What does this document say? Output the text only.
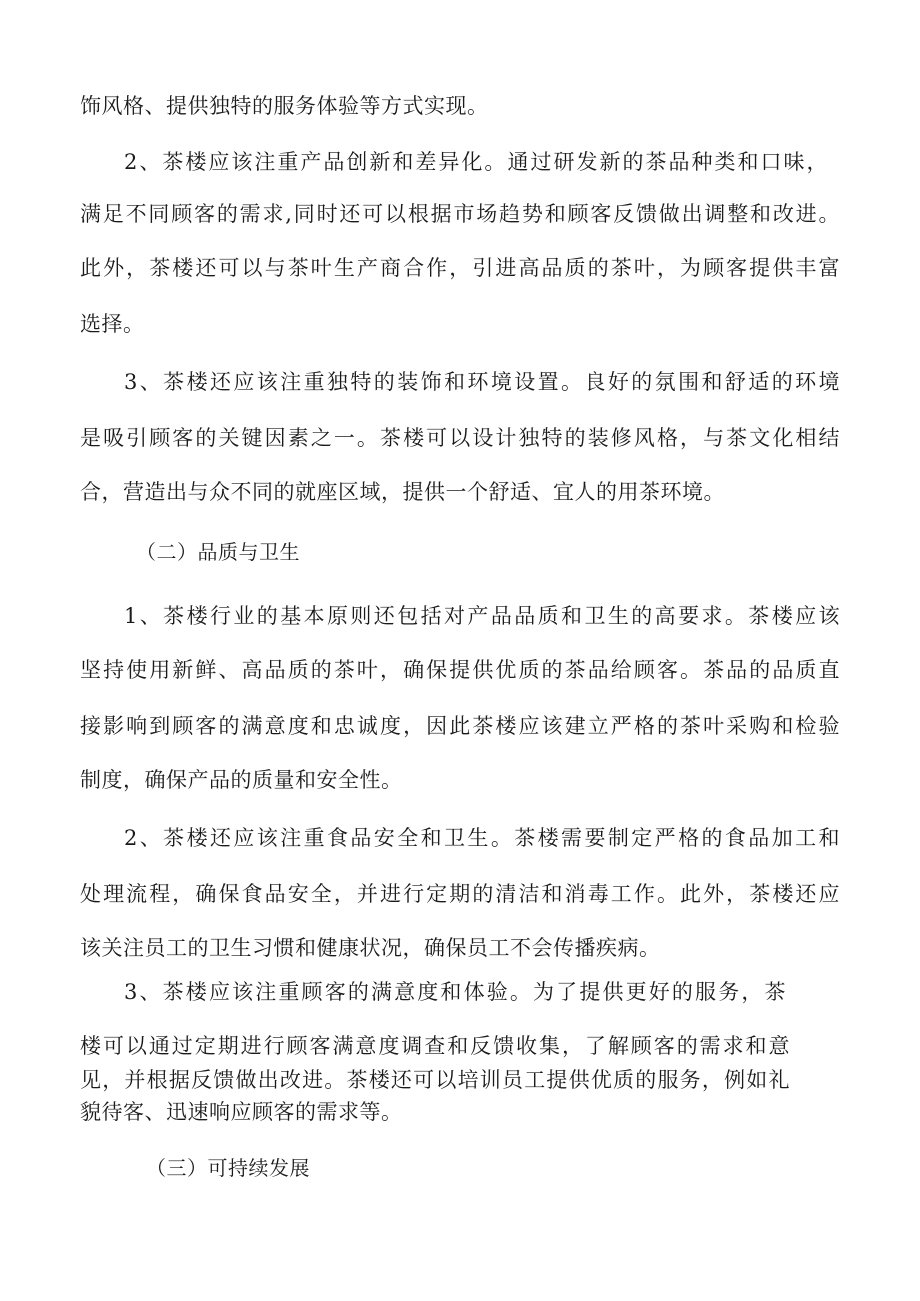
饰风格、提供独特的服务体验等方式实现。

2、茶楼应该注重产品创新和差异化。通过研发新的茶品种类和口味，

满足不同顾客的需求,同时还可以根据市场趋势和顾客反馈做出调整和改进。

此外，茶楼还可以与茶叶生产商合作，引进高品质的茶叶，为顾客提供丰富

选择。

3、茶楼还应该注重独特的装饰和环境设置。良好的氛围和舒适的环境

是吸引顾客的关键因素之一。茶楼可以设计独特的装修风格，与茶文化相结

合，营造出与众不同的就座区域，提供一个舒适、宜人的用茶环境。

（二）品质与卫生

1、茶楼行业的基本原则还包括对产品品质和卫生的高要求。茶楼应该

坚持使用新鲜、高品质的茶叶，确保提供优质的茶品给顾客。茶品的品质直

接影响到顾客的满意度和忠诚度，因此茶楼应该建立严格的茶叶采购和检验

制度，确保产品的质量和安全性。

2、茶楼还应该注重食品安全和卫生。茶楼需要制定严格的食品加工和

处理流程，确保食品安全，并进行定期的清洁和消毒工作。此外，茶楼还应

该关注员工的卫生习惯和健康状况，确保员工不会传播疾病。

3、茶楼应该注重顾客的满意度和体验。为了提供更好的服务，茶

楼可以通过定期进行顾客满意度调查和反馈收集，了解顾客的需求和意

见，并根据反馈做出改进。茶楼还可以培训员工提供优质的服务，例如礼

貌待客、迅速响应顾客的需求等。

（三）可持续发展
